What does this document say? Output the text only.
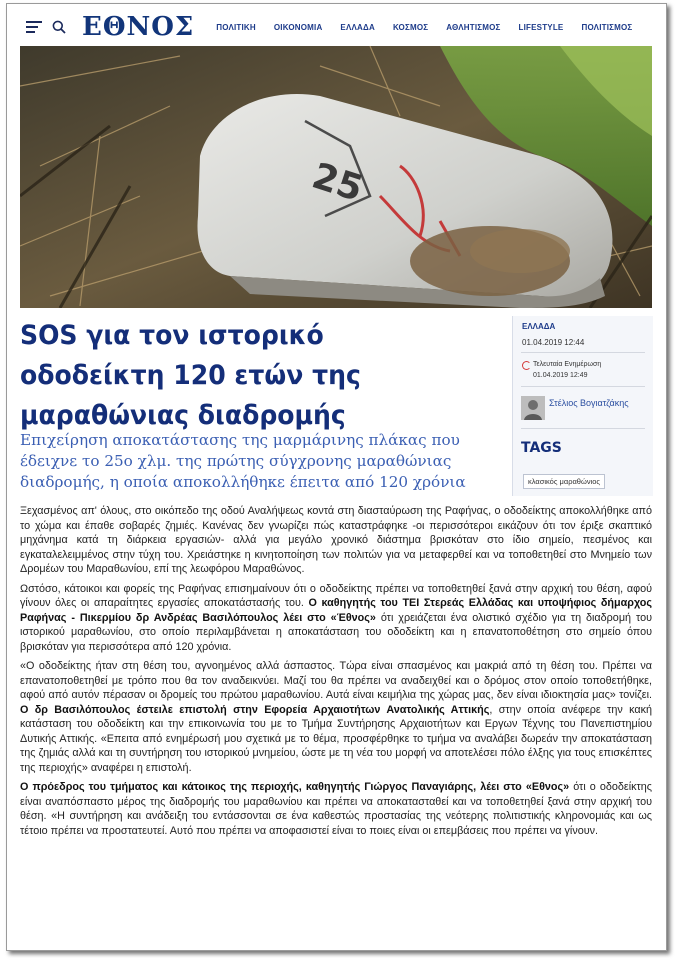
ΕΘΝΟΣ	ΠΟΛΙΤΙΚΗ ΟΙΚΟΝΟΜΙΑ ΕΛΛΑΔΑ ΚΟΣΜΟΣ ΑΘΛΗΤΙΣΜΟΣ LIFESTYLE ΠΟΛΙΤΙΣΜΟΣ
25
SOS για τον ιστορικό οδοδείκτη 120 ετών της μαραθώνιας διαδρομής
Επιχείρηση αποκατάστασης της μαρμάρινης πλάκας που έδειχνε το 25ο χλμ. της πρώτης σύγχρονης μαραθώνιας διαδρομής, η οποία αποκολλήθηκε έπειτα από 120 χρόνια
ΕΛΛΑΔΑ
01.04.2019 12:44
Τελευταία Ενημέρωση
01.04.2019 12:49
Στέλιος Βογιατζάκης
TAGS
κλασικός μαραθώνιος

Ξεχασμένος απ' όλους, στο οικόπεδο της οδού Αναλήψεως κοντά στη διασταύρωση της Ραφήνας, ο οδοδείκτης αποκολλήθηκε από το χώμα και έπαθε σοβαρές ζημιές. Κανένας δεν γνωρίζει πώς καταστράφηκε -οι περισσότεροι εικάζουν ότι τον έριξε σκαπτικό μηχάνημα κατά τη διάρκεια εργασιών- αλλά για μεγάλο χρονικό διάστημα βρισκόταν στο ίδιο σημείο, πεσμένος και εγκαταλελειμμένος στην τύχη του. Χρειάστηκε η κινητοποίηση των πολιτών για να μεταφερθεί και να τοποθετηθεί στο Μνημείο των Δρομέων του Μαραθωνίου, επί της λεωφόρου Μαραθώνος.

Ωστόσο, κάτοικοι και φορείς της Ραφήνας επισημαίνουν ότι ο οδοδείκτης πρέπει να τοποθετηθεί ξανά στην αρχική του θέση, αφού γίνουν όλες οι απαραίτητες εργασίες αποκατάστασής του. Ο καθηγητής του ΤΕΙ Στερεάς Ελλάδας και υποψήφιος δήμαρχος Ραφήνας - Πικερμίου δρ Ανδρέας Βασιλόπουλος λέει στο «Έθνος» ότι χρειάζεται ένα ολιστικό σχέδιο για τη διαδρομή του ιστορικού μαραθωνίου, στο οποίο περιλαμβάνεται η αποκατάσταση του οδοδείκτη και η επανατοποθέτηση στο σημείο όπου βρισκόταν για περισσότερα από 120 χρόνια.

«Ο οδοδείκτης ήταν στη θέση του, αγνοημένος αλλά άσπαστος. Τώρα είναι σπασμένος και μακριά από τη θέση του. Πρέπει να επανατοποθετηθεί με τρόπο που θα τον αναδεικνύει. Μαζί του θα πρέπει να αναδειχθεί και ο δρόμος στον οποίο τοποθετήθηκε, αφού από αυτόν πέρασαν οι δρομείς του πρώτου μαραθωνίου. Αυτά είναι κειμήλια της χώρας μας, δεν είναι ιδιοκτησία μας» τονίζει. Ο δρ Βασιλόπουλος έστειλε επιστολή στην Εφορεία Αρχαιοτήτων Ανατολικής Αττικής, στην οποία ανέφερε την κακή κατάσταση του οδοδείκτη και την επικοινωνία του με το Τμήμα Συντήρησης Αρχαιοτήτων και Εργων Τέχνης του Πανεπιστημίου Δυτικής Αττικής. «Επειτα από ενημέρωσή μου σχετικά με το θέμα, προσφέρθηκε το τμήμα να αναλάβει δωρεάν την αποκατάσταση της ζημιάς αλλά και τη συντήρηση του ιστορικού μνημείου, ώστε με τη νέα του μορφή να αποτελέσει πόλο έλξης για τους επισκέπτες της περιοχής» αναφέρει η επιστολή.

Ο πρόεδρος του τμήματος και κάτοικος της περιοχής, καθηγητής Γιώργος Παναγιάρης, λέει στο «Εθνος» ότι ο οδοδείκτης είναι αναπόσπαστο μέρος της διαδρομής του μαραθωνίου και πρέπει να αποκατασταθεί και να τοποθετηθεί ξανά στην αρχική του θέση. «Η συντήρηση και ανάδειξη του εντάσσονται σε ένα καθεστώς προστασίας της νεότερης πολιτιστικής κληρονομιάς και ως τέτοιο πρέπει να προστατευτεί. Αυτό που πρέπει να αποφασιστεί είναι το ποιες είναι οι επεμβάσεις που πρέπει να γίνουν.
